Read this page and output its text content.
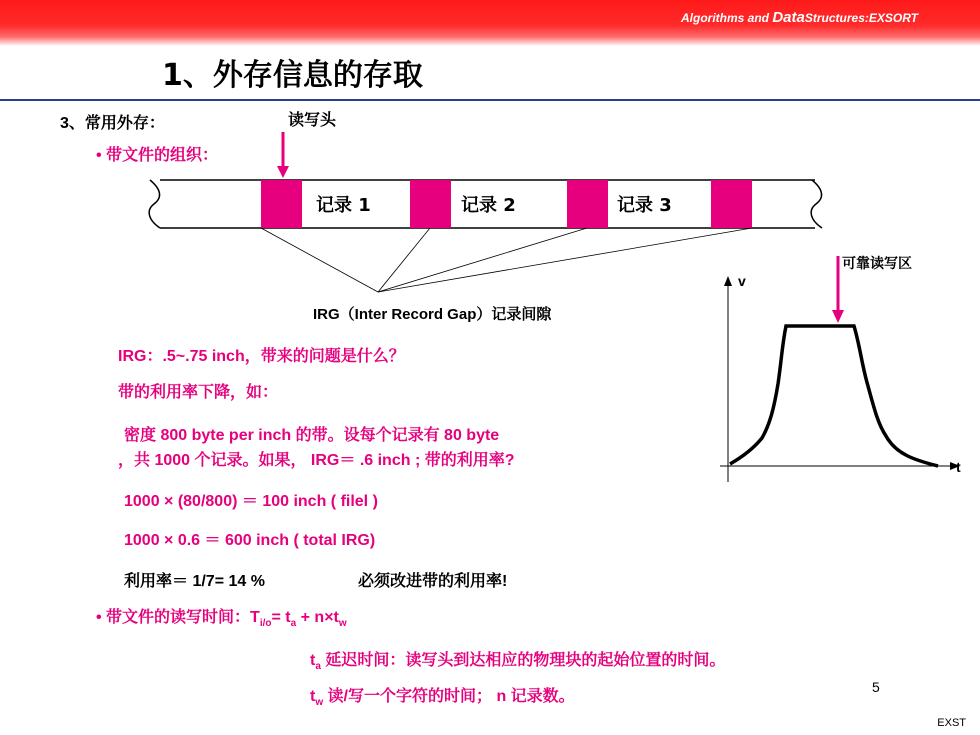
Algorithms and DataStructures:EXSORT
1、外存信息的存取
3、常用外存：	读写头
• 带文件的组织：
记录 1	记录 2	记录 3
IRG（Inter Record Gap）记录间隙
v
t
可靠读写区
IRG：.5~.75 inch，带来的问题是什么？
带的利用率下降，如：
密度 800 byte per inch 的带。设每个记录有 80 byte
，共 1000 个记录。如果， IRG＝ .6 inch ; 带的利用率?
1000 × (80/800) ＝ 100 inch ( filel )
1000 × 0.6 ＝ 600 inch ( total IRG)
利用率＝ 1/7= 14 %	必须改进带的利用率!
• 带文件的读写时间：$T_{i/o}= t_a + n\times t_w$
$t_a$ 延迟时间：读写头到达相应的物理块的起始位置的时间。
$t_w$ 读/写一个字符的时间； n 记录数。
5
EXST
